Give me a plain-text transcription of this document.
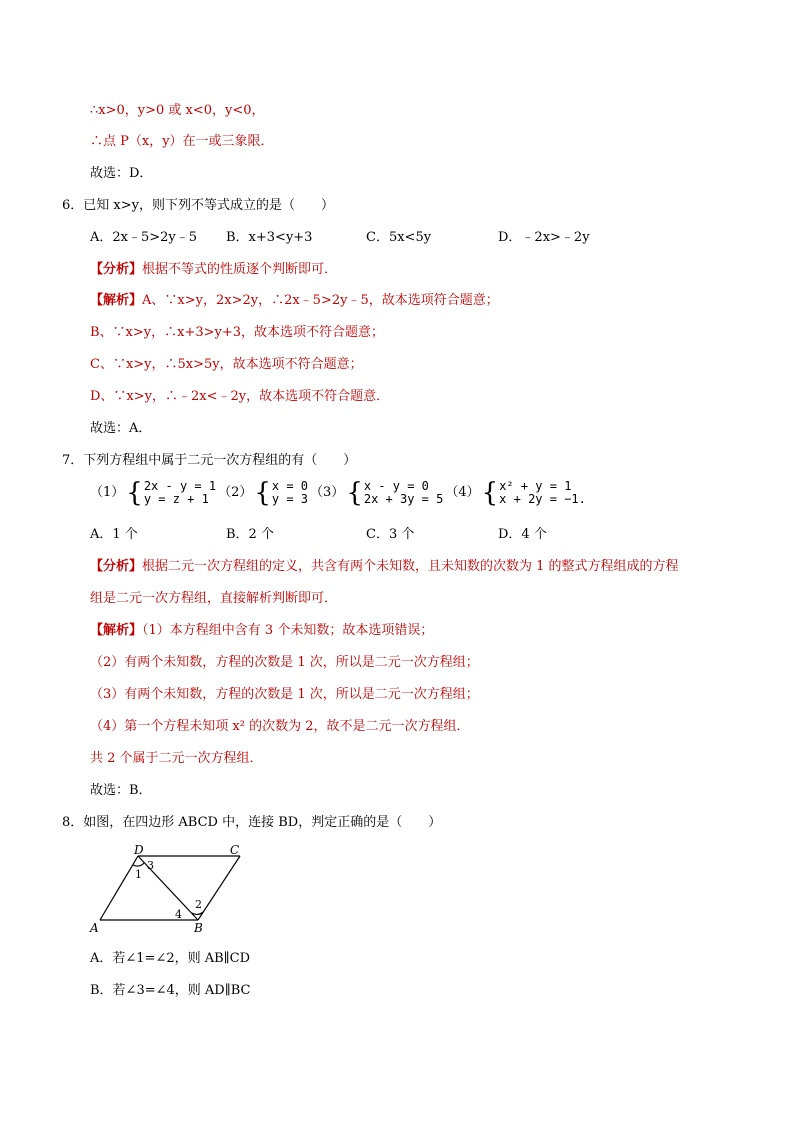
∴x>0，y>0 或 x<0，y<0，
∴点 P（x，y）在一或三象限．
故选：D．
6．已知 x>y，则下列不等式成立的是（　　）
A．2x﹣5>2y﹣5 B．x+3<y+3	C．5x<5y	D．﹣2x>﹣2y
【分析】根据不等式的性质逐个判断即可．
【解析】A、∵x>y，2x>2y，∴2x﹣5>2y﹣5，故本选项符合题意；
B、∵x>y，∴x+3>y+3，故本选项不符合题意；
C、∵x>y，∴5x>5y，故本选项不符合题意；
D、∵x>y，∴﹣2x<﹣2y，故本选项不符合题意．
故选：A．
7．下列方程组中属于二元一次方程组的有（　　）
（1） { 2x - y = 1
y = z + 1 （2） { x = 0
y = 3 （3） { x - y = 0
2x + 3y = 5 （4） { x² + y = 1
x + 2y = −1.
A．1 个	B．2 个	C．3 个	D．4 个
【分析】根据二元一次方程组的定义，共含有两个未知数，且未知数的次数为 1 的整式方程组成的方程
组是二元一次方程组，直接解析判断即可．
【解析】（1）本方程组中含有 3 个未知数；故本选项错误；
（2）有两个未知数，方程的次数是 1 次，所以是二元一次方程组；
（3）有两个未知数，方程的次数是 1 次，所以是二元一次方程组；
（4）第一个方程未知项 x² 的次数为 2，故不是二元一次方程组．
共 2 个属于二元一次方程组．
故选：B．
8．如图，在四边形 ABCD 中，连接 BD，判定正确的是（　　）
D	C
A	B
1
2
3
4
A．若∠1=∠2，则 AB∥CD
B．若∠3=∠4，则 AD∥BC
